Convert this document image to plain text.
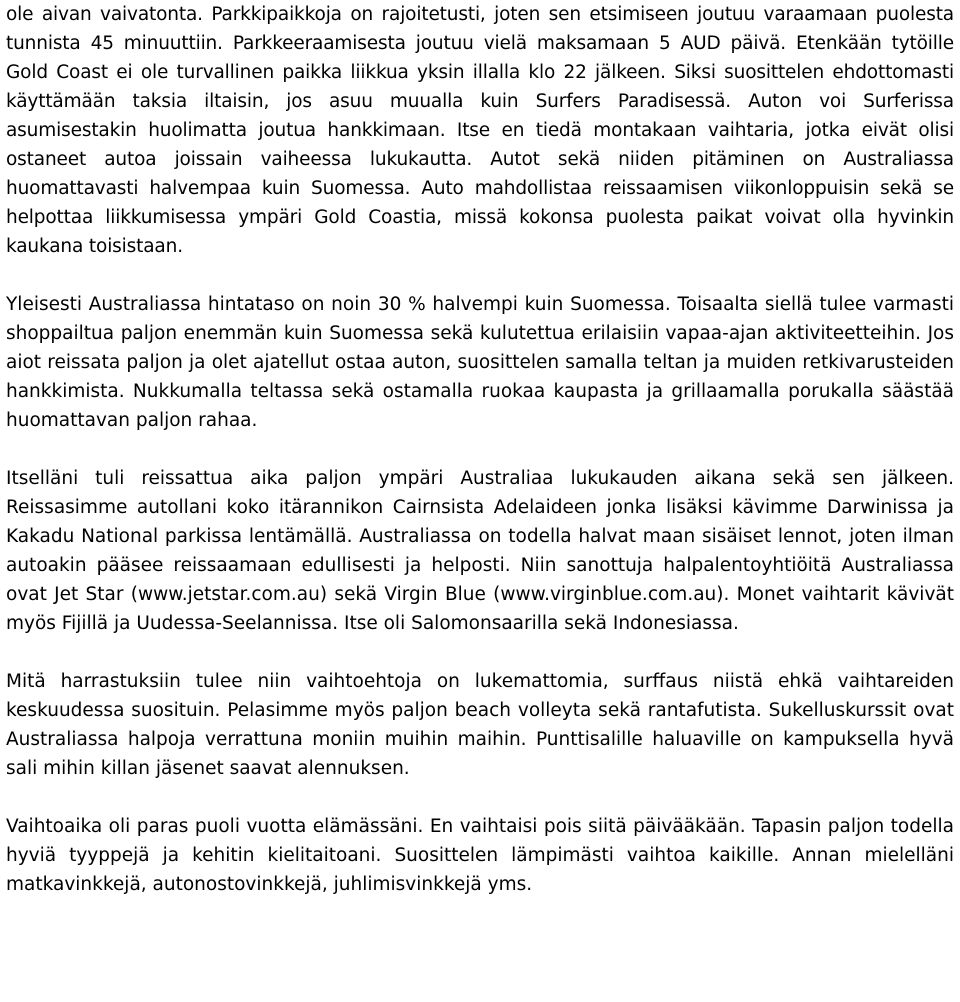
ole aivan vaivatonta. Parkkipaikkoja on rajoitetusti, joten sen etsimiseen joutuu varaamaan puolesta tunnista 45 minuuttiin. Parkkeeraamisesta joutuu vielä maksamaan 5 AUD päivä. Etenkään tytöille Gold Coast ei ole turvallinen paikka liikkua yksin illalla klo 22 jälkeen. Siksi suosittelen ehdottomasti käyttämään taksia iltaisin, jos asuu muualla kuin Surfers Paradisessä. Auton voi Surferissa asumisestakin huolimatta joutua hankkimaan. Itse en tiedä montakaan vaihtaria, jotka eivät olisi ostaneet autoa joissain vaiheessa lukukautta. Autot sekä niiden pitäminen on Australiassa huomattavasti halvempaa kuin Suomessa. Auto mahdollistaa reissaamisen viikonloppuisin sekä se helpottaa liikkumisessa ympäri Gold Coastia, missä kokonsa puolesta paikat voivat olla hyvinkin kaukana toisistaan.

Yleisesti Australiassa hintataso on noin 30 % halvempi kuin Suomessa. Toisaalta siellä tulee varmasti shoppailtua paljon enemmän kuin Suomessa sekä kulutettua erilaisiin vapaa-ajan aktiviteetteihin. Jos aiot reissata paljon ja olet ajatellut ostaa auton, suosittelen samalla teltan ja muiden retkivarusteiden hankkimista. Nukkumalla teltassa sekä ostamalla ruokaa kaupasta ja grillaamalla porukalla säästää huomattavan paljon rahaa.

Itselläni tuli reissattua aika paljon ympäri Australiaa lukukauden aikana sekä sen jälkeen. Reissasimme autollani koko itärannikon Cairnsista Adelaideen jonka lisäksi kävimme Darwinissa ja Kakadu National parkissa lentämällä. Australiassa on todella halvat maan sisäiset lennot, joten ilman autoakin pääsee reissaamaan edullisesti ja helposti. Niin sanottuja halpalentoyhtiöitä Australiassa ovat Jet Star (www.jetstar.com.au) sekä Virgin Blue (www.virginblue.com.au). Monet vaihtarit kävivät myös Fijillä ja Uudessa-Seelannissa. Itse oli Salomonsaarilla sekä Indonesiassa.

Mitä harrastuksiin tulee niin vaihtoehtoja on lukemattomia, surffaus niistä ehkä vaihtareiden keskuudessa suosituin. Pelasimme myös paljon beach volleyta sekä rantafutista. Sukelluskurssit ovat Australiassa halpoja verrattuna moniin muihin maihin. Punttisalille haluaville on kampuksella hyvä sali mihin killan jäsenet saavat alennuksen.

Vaihtoaika oli paras puoli vuotta elämässäni. En vaihtaisi pois siitä päivääkään. Tapasin paljon todella hyviä tyyppejä ja kehitin kielitaitoani. Suosittelen lämpimästi vaihtoa kaikille. Annan mielelläni matkavinkkejä, autonostovinkkejä, juhlimisvinkkejä yms.
